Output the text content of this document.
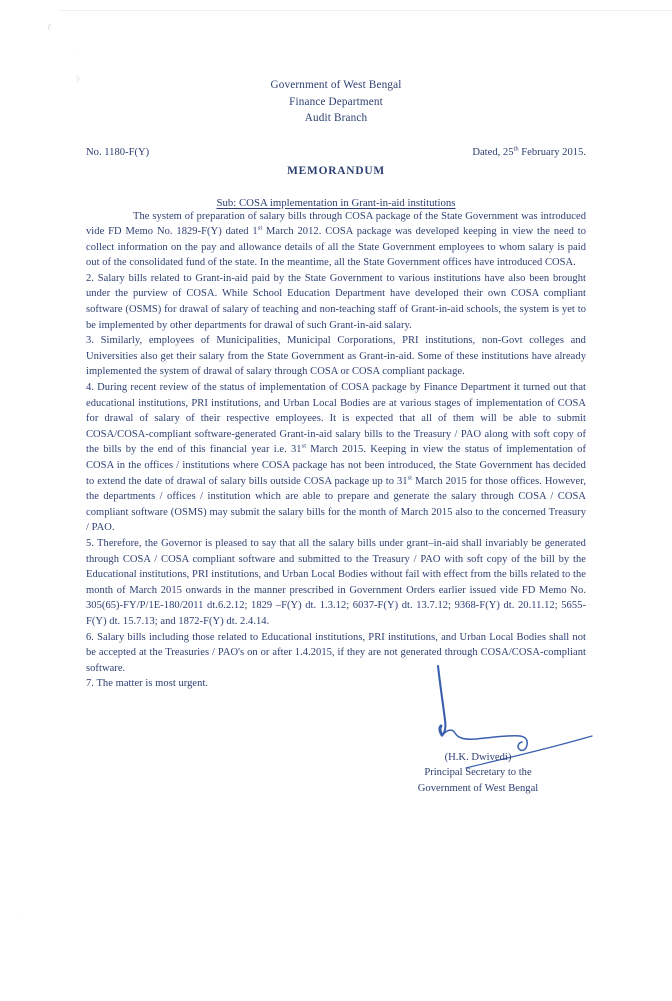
ℓ
·
ʂ
∙
Government of West Bengal
Finance Department
Audit Branch
No. 1180-F(Y)	Dated, 25th February 2015.
MEMORANDUM
Sub: COSA implementation in Grant-in-aid institutions

The system of preparation of salary bills through COSA package of the State Government was introduced vide FD Memo No. 1829-F(Y) dated 1st March 2012. COSA package was developed keeping in view the need to collect information on the pay and allowance details of all the State Government employees to whom salary is paid out of the consolidated fund of the state. In the meantime, all the State Government offices have introduced COSA.

2. Salary bills related to Grant-in-aid paid by the State Government to various institutions have also been brought under the purview of COSA. While School Education Department have developed their own COSA compliant software (OSMS) for drawal of salary of teaching and non-teaching staff of Grant-in-aid schools, the system is yet to be implemented by other departments for drawal of such Grant-in-aid salary.

3. Similarly, employees of Municipalities, Municipal Corporations, PRI institutions, non-Govt colleges and Universities also get their salary from the State Government as Grant-in-aid. Some of these institutions have already implemented the system of drawal of salary through COSA or COSA compliant package.

4. During recent review of the status of implementation of COSA package by Finance Department it turned out that educational institutions, PRI institutions, and Urban Local Bodies are at various stages of implementation of COSA for drawal of salary of their respective employees. It is expected that all of them will be able to submit COSA/COSA-compliant software-generated Grant-in-aid salary bills to the Treasury / PAO along with soft copy of the bills by the end of this financial year i.e. 31st March 2015. Keeping in view the status of implementation of COSA in the offices / institutions where COSA package has not been introduced, the State Government has decided to extend the date of drawal of salary bills outside COSA package up to 31st March 2015 for those offices. However, the departments / offices / institution which are able to prepare and generate the salary through COSA / COSA compliant software (OSMS) may submit the salary bills for the month of March 2015 also to the concerned Treasury / PAO.

5. Therefore, the Governor is pleased to say that all the salary bills under grant–in-aid shall invariably be generated through COSA / COSA compliant software and submitted to the Treasury / PAO with soft copy of the bill by the Educational institutions, PRI institutions, and Urban Local Bodies without fail with effect from the bills related to the month of March 2015 onwards in the manner prescribed in Government Orders earlier issued vide FD Memo No. 305(65)-FY/P/1E-180/2011 dt.6.2.12; 1829 –F(Y) dt. 1.3.12; 6037-F(Y) dt. 13.7.12; 9368-F(Y) dt. 20.11.12; 5655-F(Y) dt. 15.7.13; and 1872-F(Y) dt. 2.4.14.

6. Salary bills including those related to Educational institutions, PRI institutions, and Urban Local Bodies shall not be accepted at the Treasuries / PAO's on or after 1.4.2015, if they are not generated through COSA/COSA-compliant software.

7. The matter is most urgent.

(H.K. Dwivedi)
Principal Secretary to the
Government of West Bengal
